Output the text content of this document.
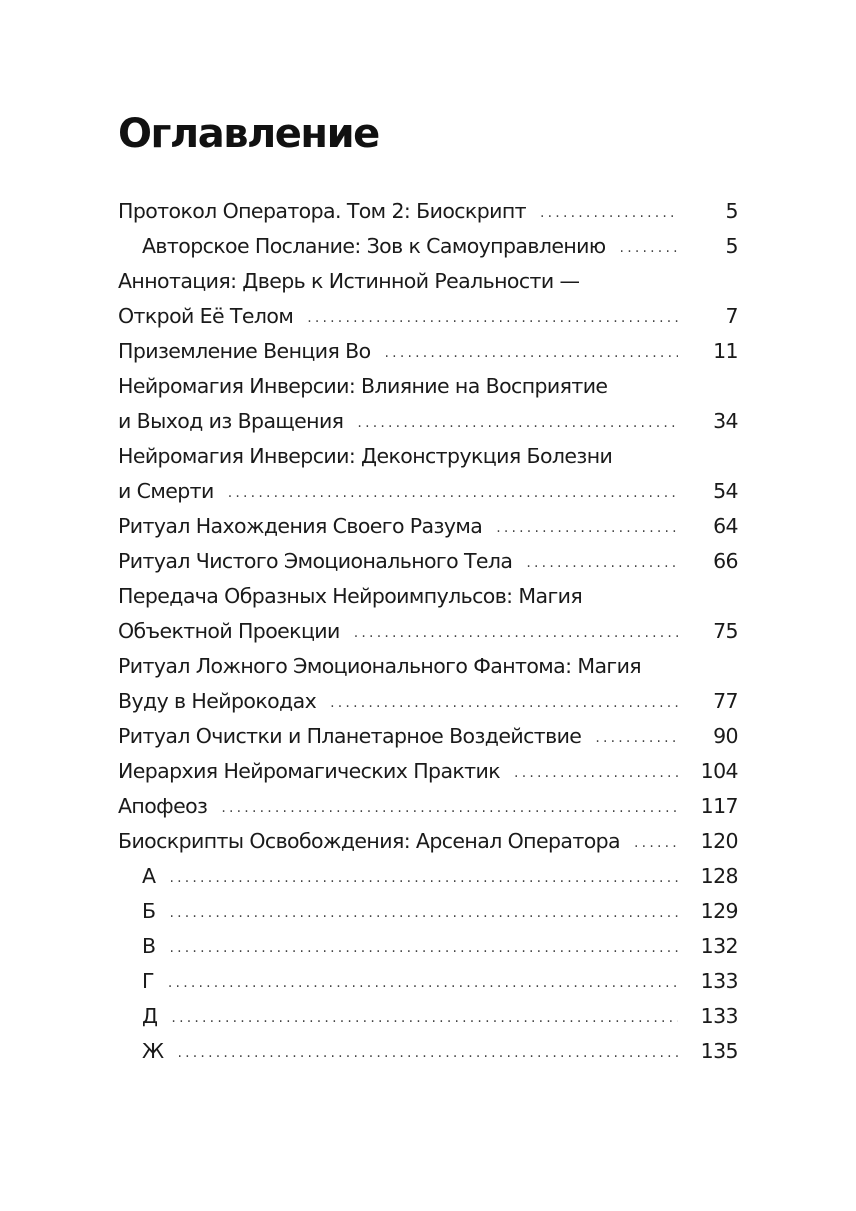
Оглавление
Протокол Оператора. Том 2: Биоскрипт .....	5
Авторское Послание: Зов к Самоуправлению .....	5
Аннотация: Дверь к Истинной Реальности —
Открой Её Телом .....	7
Приземление Венция Во .....	11
Нейромагия Инверсии: Влияние на Восприятие
и Выход из Вращения .....	34
Нейромагия Инверсии: Деконструкция Болезни
и Смерти .....	54
Ритуал Нахождения Своего Разума .....	64
Ритуал Чистого Эмоционального Тела .....	66
Передача Образных Нейроимпульсов: Магия
Объектной Проекции .....	75
Ритуал Ложного Эмоционального Фантома: Магия
Вуду в Нейрокодах .....	77
Ритуал Очистки и Планетарное Воздействие .....	90
Иерархия Нейромагических Практик .....	104
Апофеоз .....	117
Биоскрипты Освобождения: Арсенал Оператора .....	120
А .....	128
Б .....	129
В .....	132
Г .....	133
Д .....	133
Ж .....	135
